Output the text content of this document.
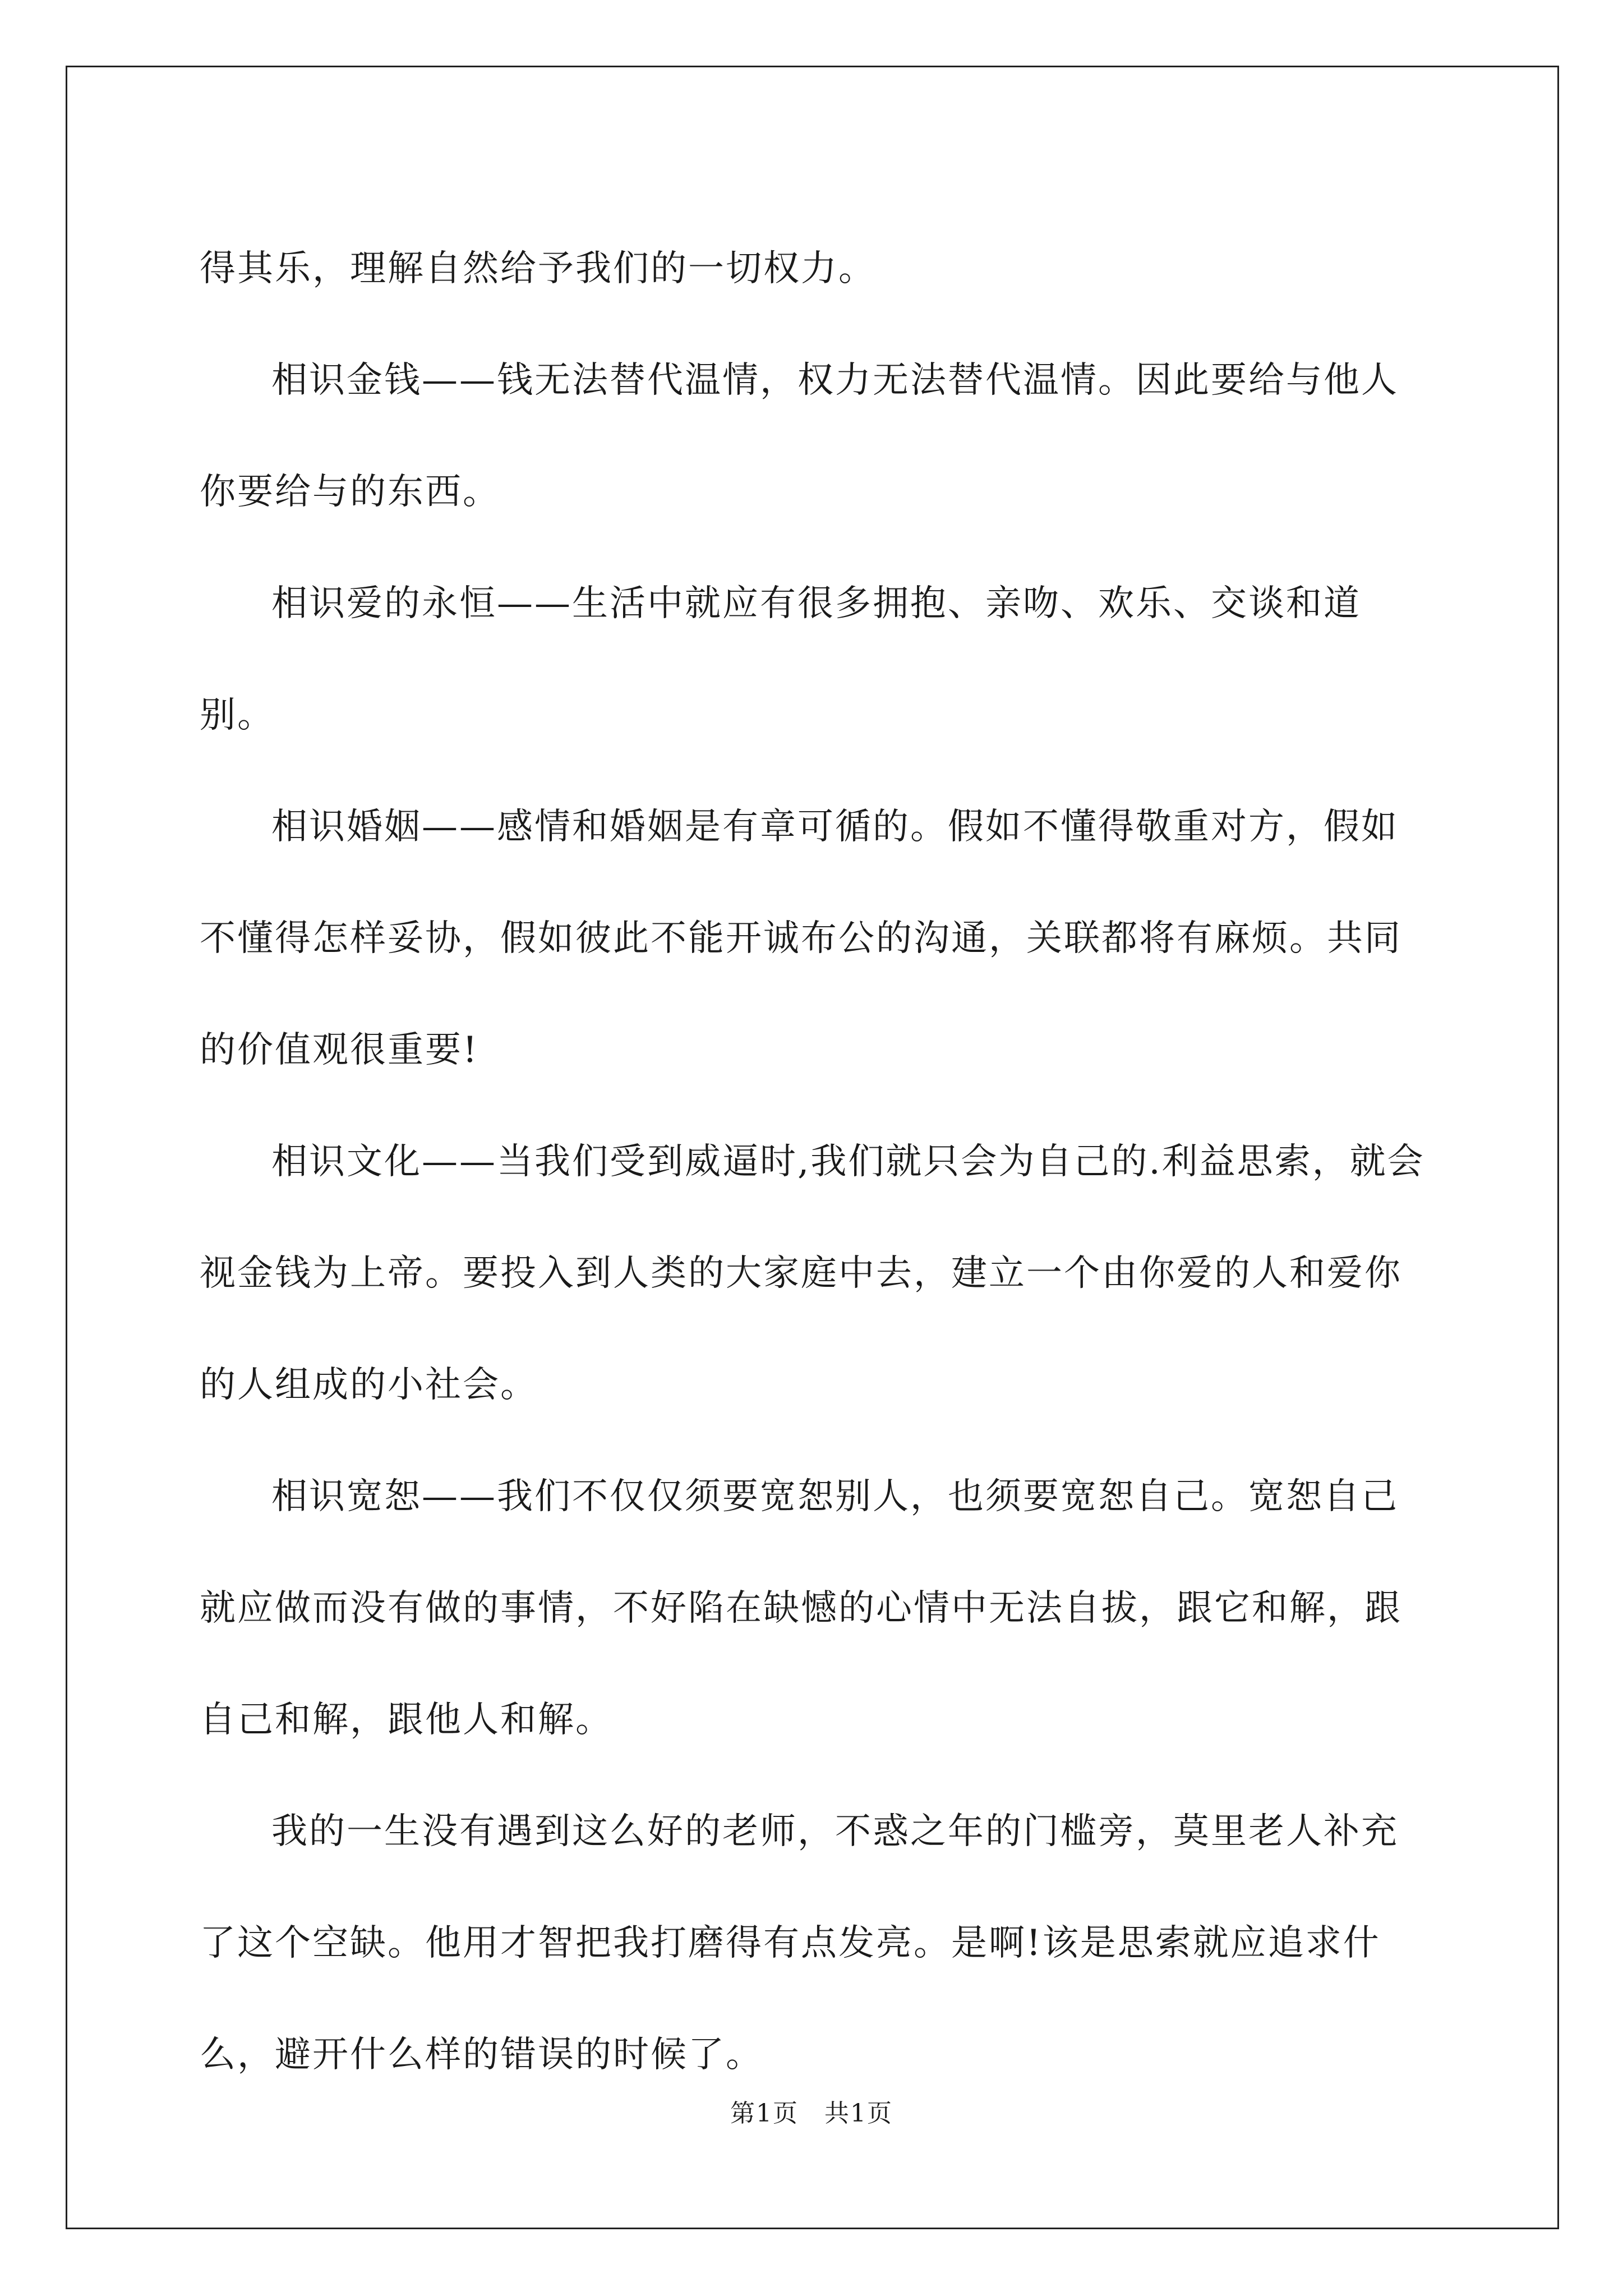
得其乐，理解自然给予我们的一切权力。

相识金钱——钱无法替代温情，权力无法替代温情。因此要给与他人你要给与的东西。

相识爱的永恒——生活中就应有很多拥抱、亲吻、欢乐、交谈和道别。

相识婚姻——感情和婚姻是有章可循的。假如不懂得敬重对方，假如不懂得怎样妥协，假如彼此不能开诚布公的沟通，关联都将有麻烦。共同的价值观很重要!

相识文化——当我们受到威逼时,我们就只会为自己的.利益思索，就会视金钱为上帝。要投入到人类的大家庭中去，建立一个由你爱的人和爱你的人组成的小社会。

相识宽恕——我们不仅仅须要宽恕别人，也须要宽恕自己。宽恕自己就应做而没有做的事情，不好陷在缺憾的心情中无法自拔，跟它和解，跟自己和解，跟他人和解。

我的一生没有遇到这么好的老师，不惑之年的门槛旁，莫里老人补充了这个空缺。他用才智把我打磨得有点发亮。是啊!该是思索就应追求什么，避开什么样的错误的时候了。

第1页　共1页
